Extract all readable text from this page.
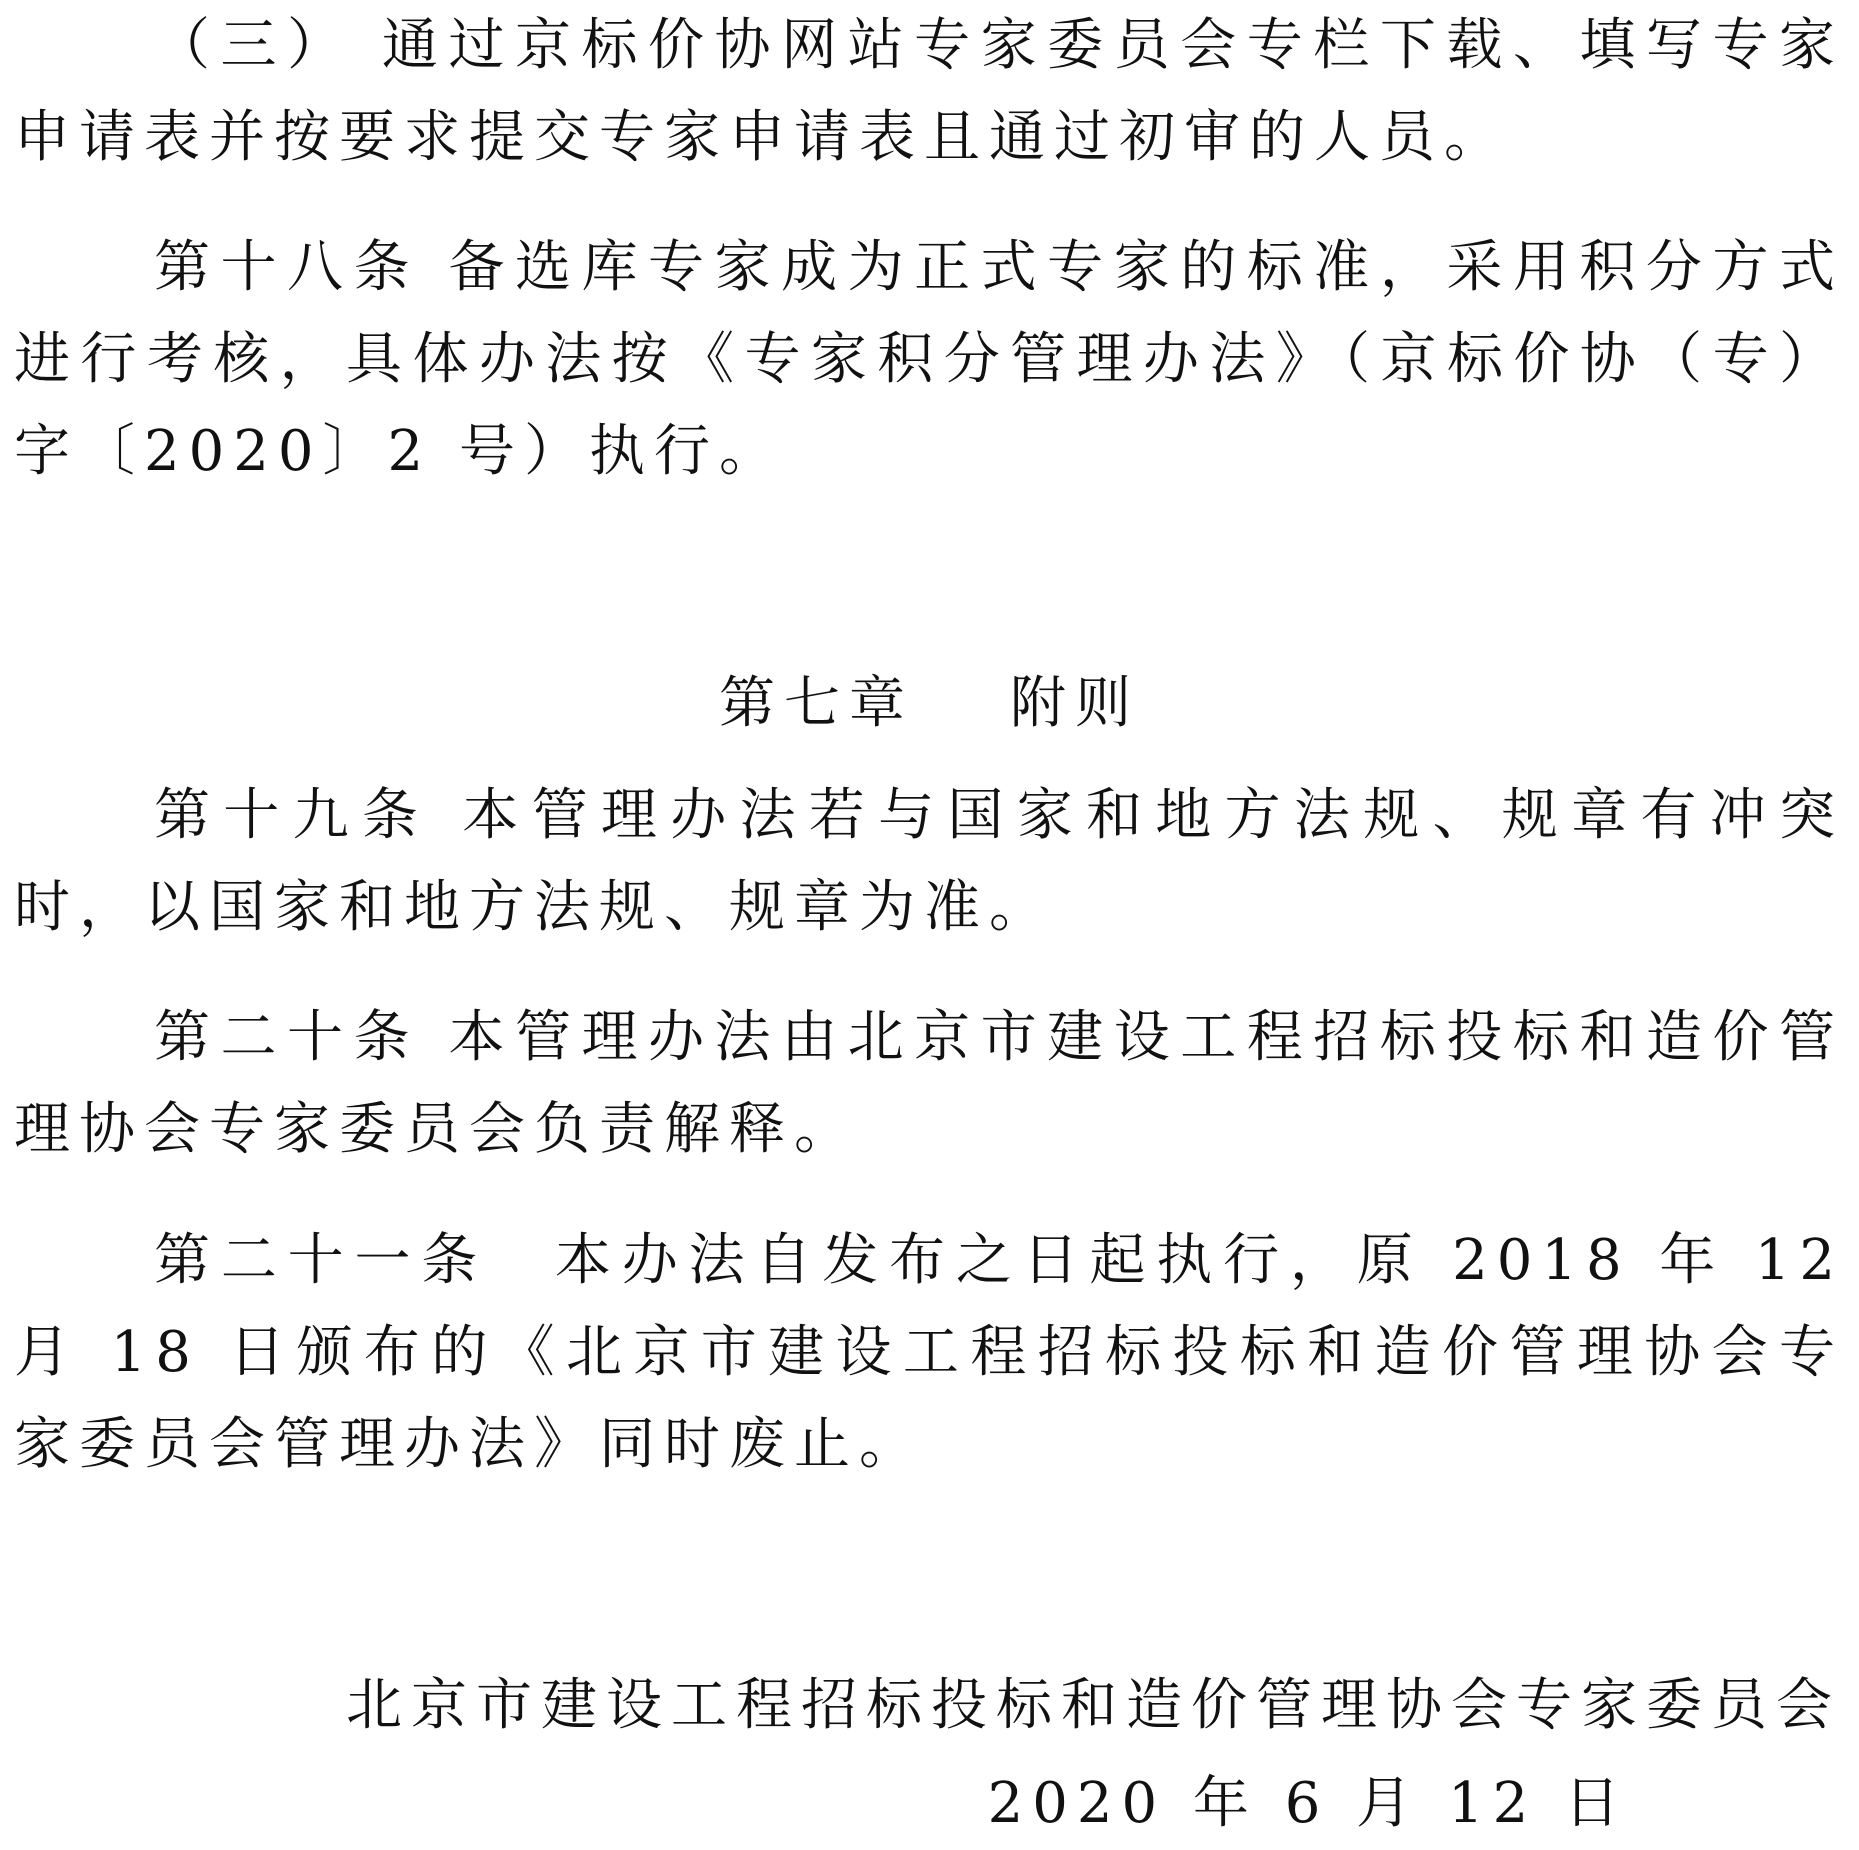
（三） 通过京标价协网站专家委员会专栏下载、填写专家申请表并按要求提交专家申请表且通过初审的人员。

第十八条 备选库专家成为正式专家的标准，采用积分方式进行考核，具体办法按《专家积分管理办法》（京标价协（专）字〔2020〕2 号）执行。

第七章 附则

第十九条 本管理办法若与国家和地方法规、规章有冲突时，以国家和地方法规、规章为准。

第二十条 本管理办法由北京市建设工程招标投标和造价管理协会专家委员会负责解释。

第二十一条　本办法自发布之日起执行，原 2018 年 12 月 18 日颁布的《北京市建设工程招标投标和造价管理协会专家委员会管理办法》同时废止。

北京市建设工程招标投标和造价管理协会专家委员会
2020 年 6 月 12 日
